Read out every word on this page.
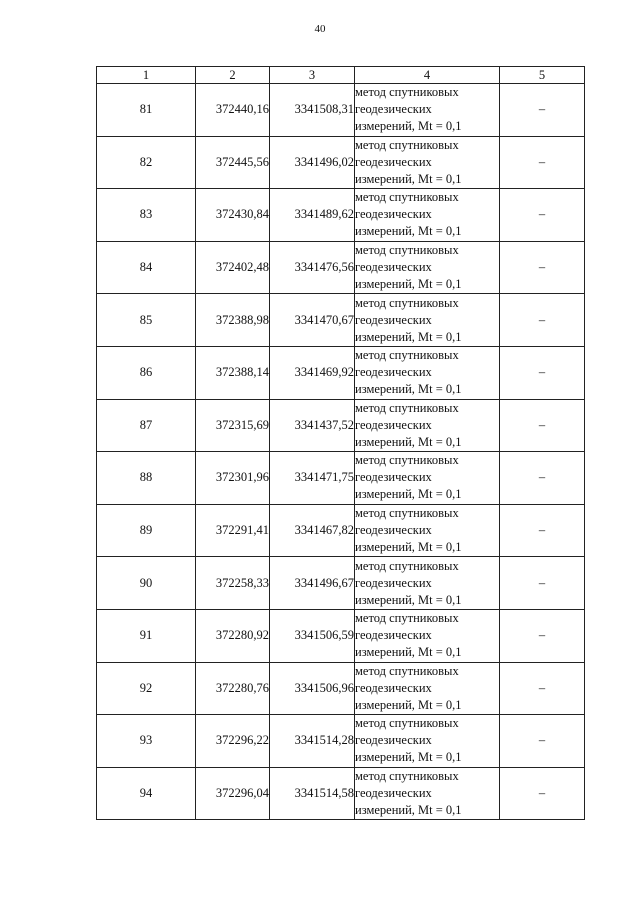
40
1	2	3	4	5
81	372440,16	3341508,31	метод спутниковых
геодезических
измерений, Mt = 0,1	–
82	372445,56	3341496,02	метод спутниковых
геодезических
измерений, Mt = 0,1	–
83	372430,84	3341489,62	метод спутниковых
геодезических
измерений, Mt = 0,1	–
84	372402,48	3341476,56	метод спутниковых
геодезических
измерений, Mt = 0,1	–
85	372388,98	3341470,67	метод спутниковых
геодезических
измерений, Mt = 0,1	–
86	372388,14	3341469,92	метод спутниковых
геодезических
измерений, Mt = 0,1	–
87	372315,69	3341437,52	метод спутниковых
геодезических
измерений, Mt = 0,1	–
88	372301,96	3341471,75	метод спутниковых
геодезических
измерений, Mt = 0,1	–
89	372291,41	3341467,82	метод спутниковых
геодезических
измерений, Mt = 0,1	–
90	372258,33	3341496,67	метод спутниковых
геодезических
измерений, Mt = 0,1	–
91	372280,92	3341506,59	метод спутниковых
геодезических
измерений, Mt = 0,1	–
92	372280,76	3341506,96	метод спутниковых
геодезических
измерений, Mt = 0,1	–
93	372296,22	3341514,28	метод спутниковых
геодезических
измерений, Mt = 0,1	–
94	372296,04	3341514,58	метод спутниковых
геодезических
измерений, Mt = 0,1	–
